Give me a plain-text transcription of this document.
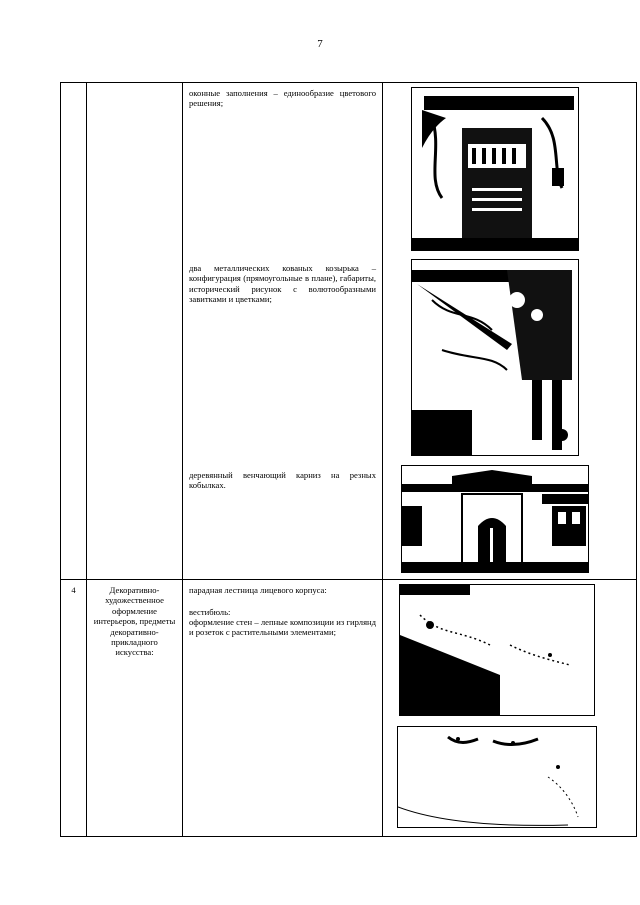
7

		оконные заполнения – единообразие цветового решения;
два металлических кованых козырька – конфигурация (прямоугольные в плане), габариты, исторический рисунок с волютообразными завитками и цветками;
деревянный венчающий карниз на резных кобылках.

4	Декоративно-художественное оформление интерьеров, предметы декоративно-прикладного искусства:	парадная лестница лицевого корпуса:
вестибюль:
оформление стен – лепные композиции из гирлянд и розеток с растительными элементами;
